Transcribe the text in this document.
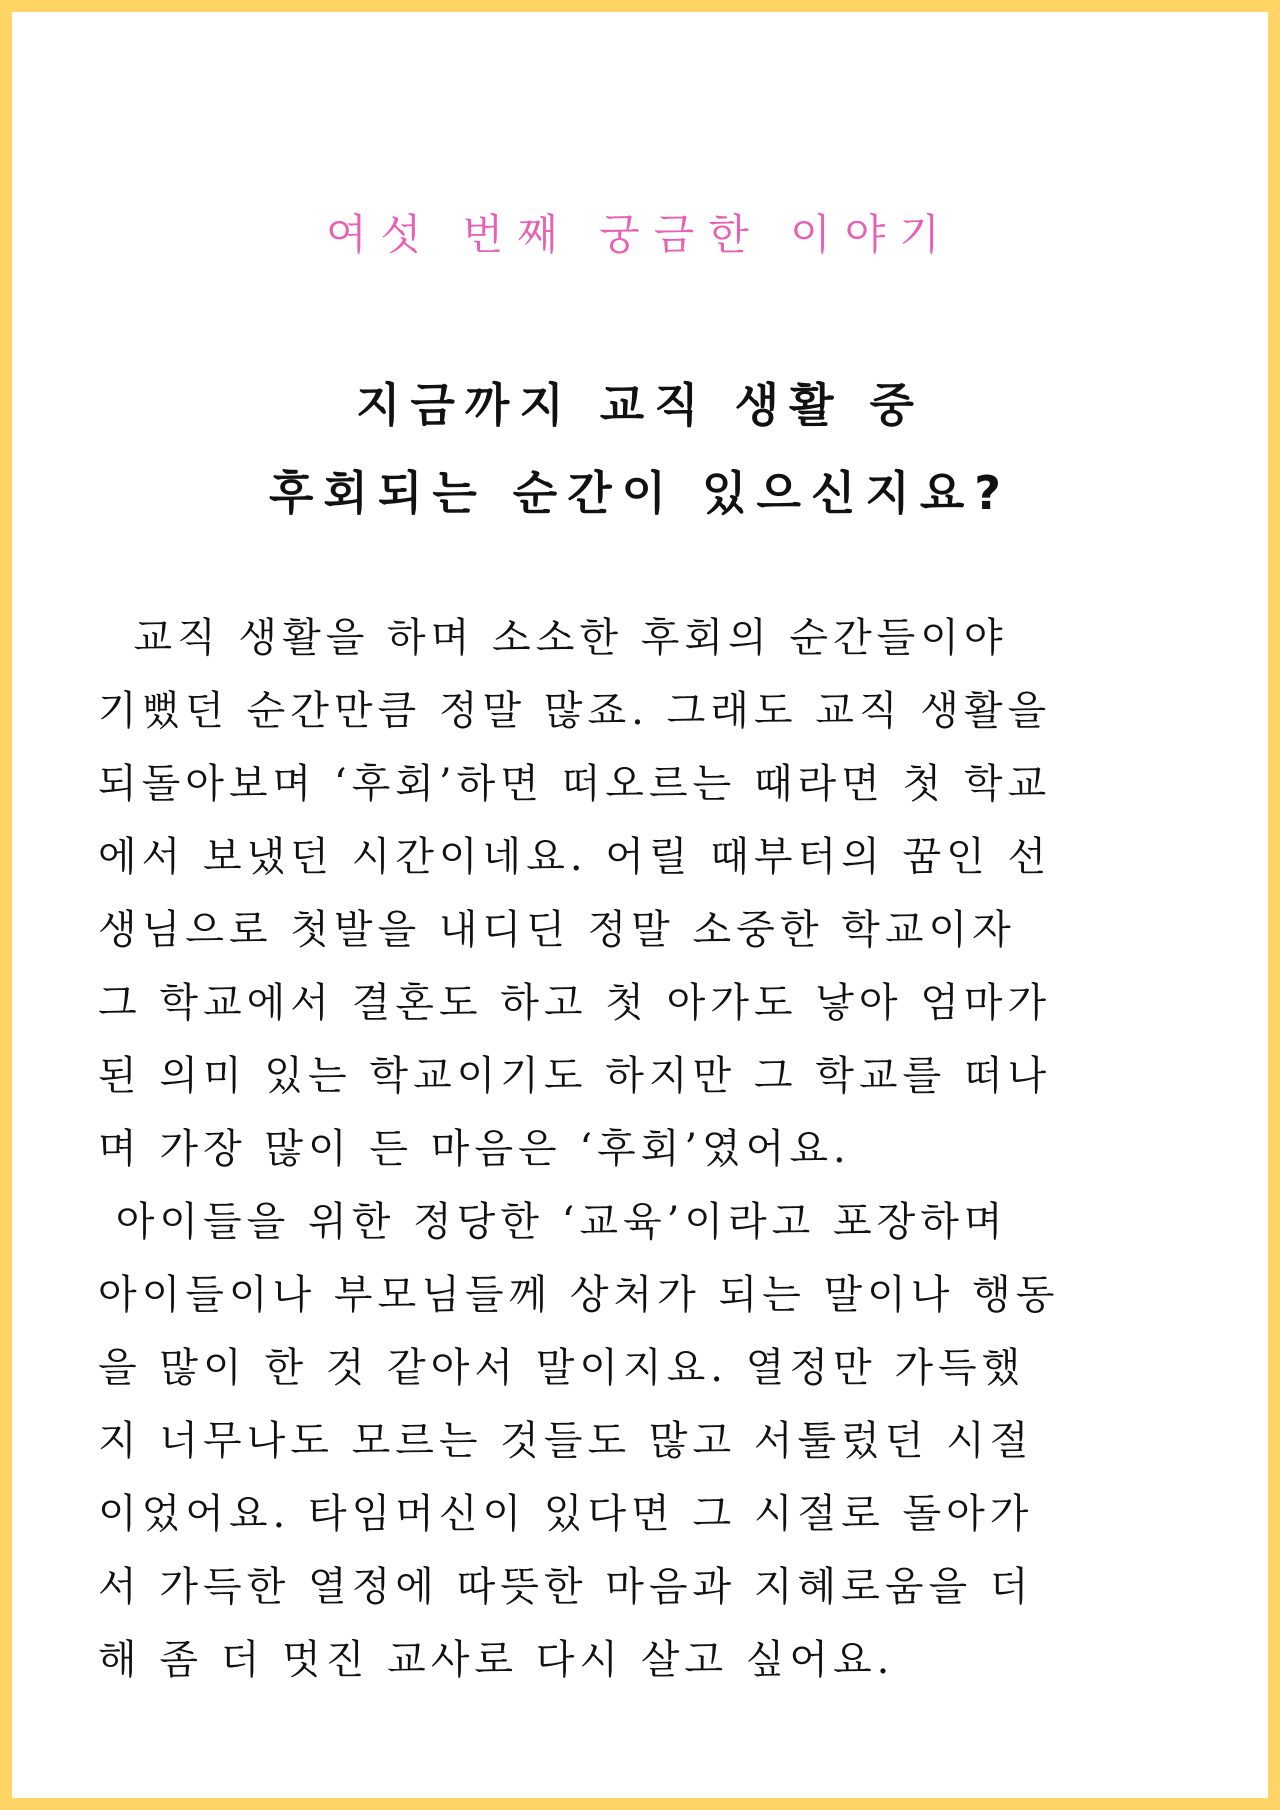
여섯 번째 궁금한 이야기
지금까지 교직 생활 중
후회되는 순간이 있으신지요?
교직 생활을 하며 소소한 후회의 순간들이야
기뻤던 순간만큼 정말 많죠. 그래도 교직 생활을
되돌아보며 ‘후회’하면 떠오르는 때라면 첫 학교
에서 보냈던 시간이네요. 어릴 때부터의 꿈인 선
생님으로 첫발을 내디딘 정말 소중한 학교이자
그 학교에서 결혼도 하고 첫 아가도 낳아 엄마가
된 의미 있는 학교이기도 하지만 그 학교를 떠나
며 가장 많이 든 마음은 ‘후회’였어요.
아이들을 위한 정당한 ‘교육’이라고 포장하며
아이들이나 부모님들께 상처가 되는 말이나 행동
을 많이 한 것 같아서 말이지요. 열정만 가득했
지 너무나도 모르는 것들도 많고 서툴렀던 시절
이었어요. 타임머신이 있다면 그 시절로 돌아가
서 가득한 열정에 따뜻한 마음과 지혜로움을 더
해 좀 더 멋진 교사로 다시 살고 싶어요.
